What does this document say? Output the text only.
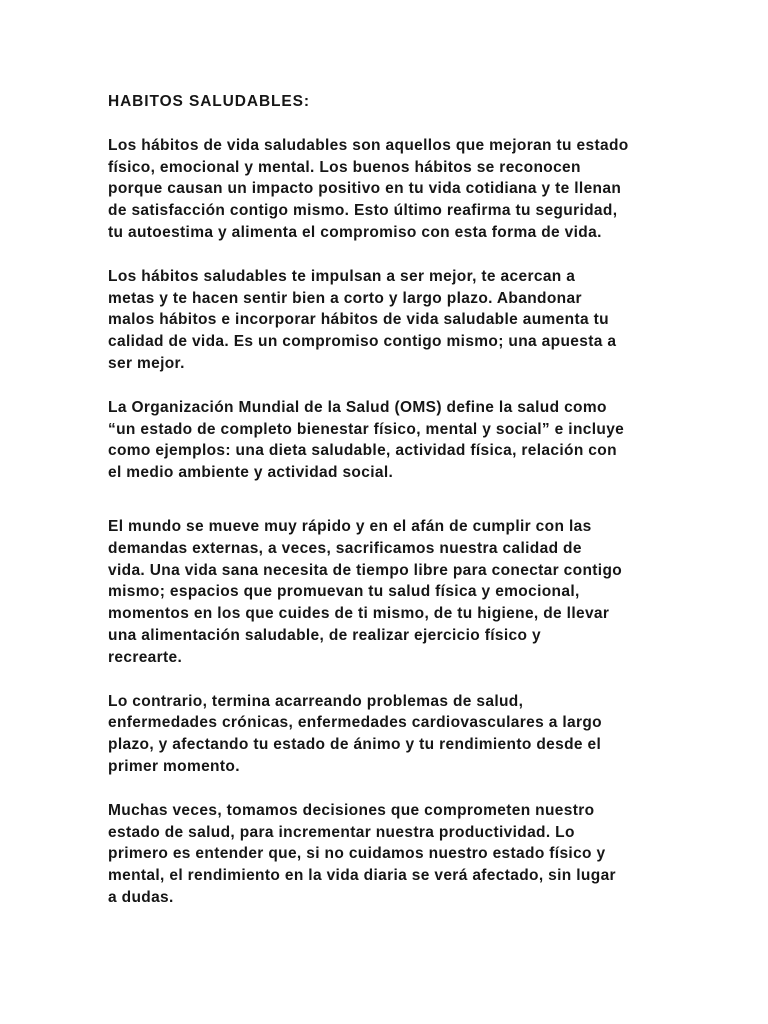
HABITOS SALUDABLES:

Los hábitos de vida saludables son aquellos que mejoran tu estado
físico, emocional y mental. Los buenos hábitos se reconocen
porque causan un impacto positivo en tu vida cotidiana y te llenan
de satisfacción contigo mismo. Esto último reafirma tu seguridad,
tu autoestima y alimenta el compromiso con esta forma de vida.

Los hábitos saludables te impulsan a ser mejor, te acercan a
metas y te hacen sentir bien a corto y largo plazo. Abandonar
malos hábitos e incorporar hábitos de vida saludable aumenta tu
calidad de vida. Es un compromiso contigo mismo; una apuesta a
ser mejor.

La Organización Mundial de la Salud (OMS) define la salud como
“un estado de completo bienestar físico, mental y social” e incluye
como ejemplos: una dieta saludable, actividad física, relación con
el medio ambiente y actividad social.

El mundo se mueve muy rápido y en el afán de cumplir con las
demandas externas, a veces, sacrificamos nuestra calidad de
vida. Una vida sana necesita de tiempo libre para conectar contigo
mismo; espacios que promuevan tu salud física y emocional,
momentos en los que cuides de ti mismo, de tu higiene, de llevar
una alimentación saludable, de realizar ejercicio físico y
recrearte.

Lo contrario, termina acarreando problemas de salud,
enfermedades crónicas, enfermedades cardiovasculares a largo
plazo, y afectando tu estado de ánimo y tu rendimiento desde el
primer momento.

Muchas veces, tomamos decisiones que comprometen nuestro
estado de salud, para incrementar nuestra productividad. Lo
primero es entender que, si no cuidamos nuestro estado físico y
mental, el rendimiento en la vida diaria se verá afectado, sin lugar
a dudas.
